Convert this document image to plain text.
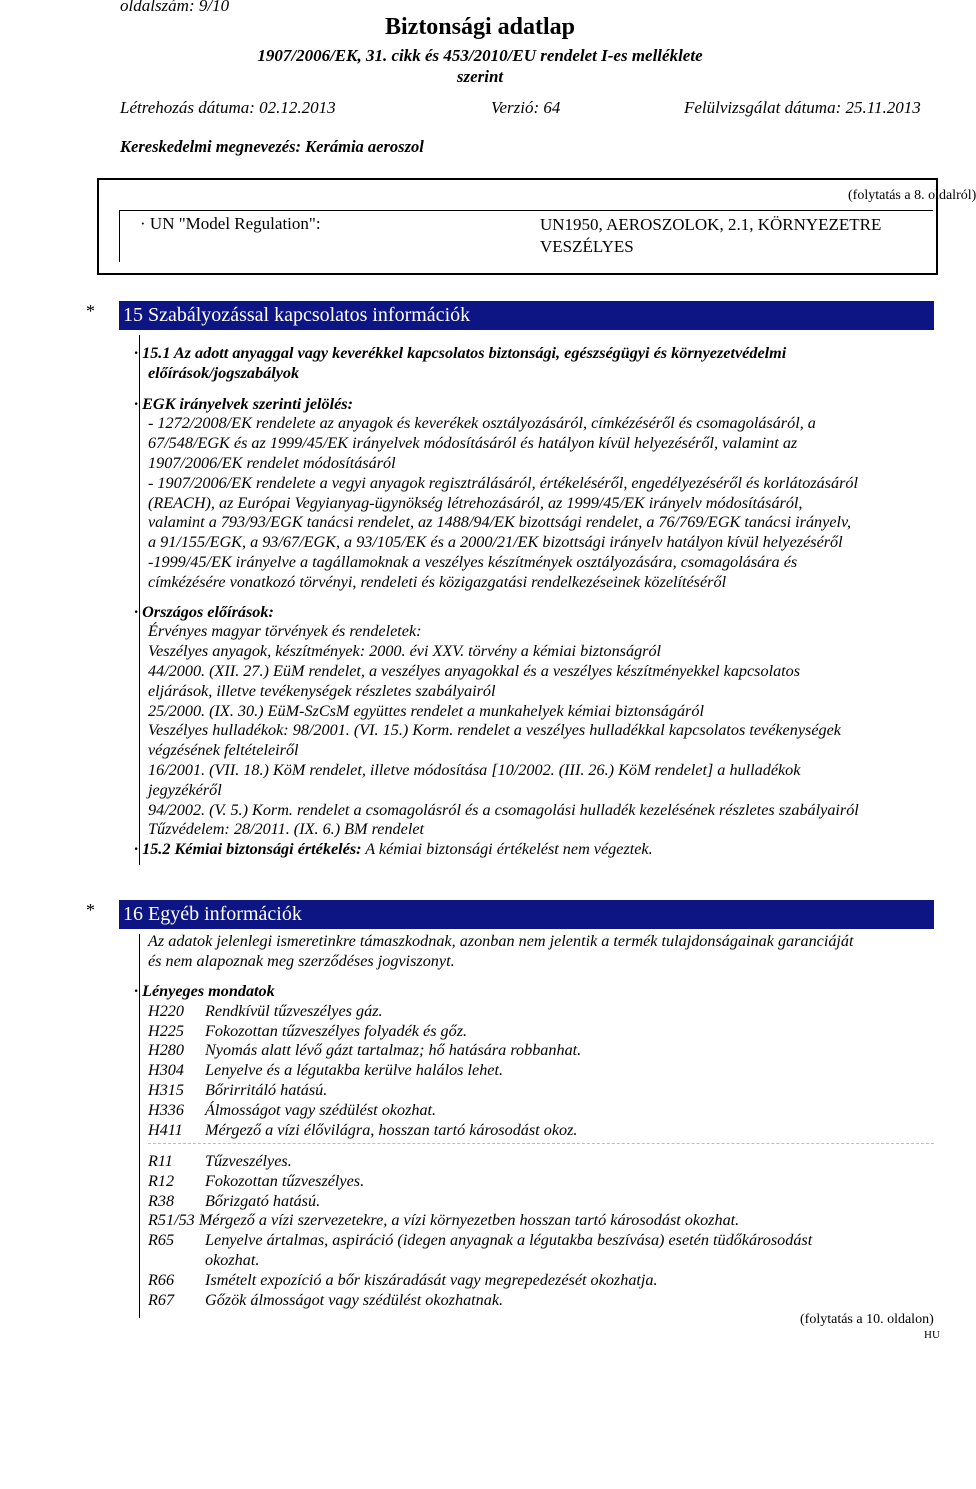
oldalszám: 9/10
Biztonsági adatlap
1907/2006/EK, 31. cikk és 453/2010/EU rendelet I-es melléklete
szerint
Létrehozás dátuma: 02.12.2013	Verzió: 64	Felülvizsgálat dátuma: 25.11.2013
Kereskedelmi megnevezés: Kerámia aeroszol
(folytatás a 8. oldalról)
· UN "Model Regulation":	UN1950, AEROSZOLOK, 2.1, KÖRNYEZETRE VESZÉLYES
* 15 Szabályozással kapcsolatos információk
· 15.1 Az adott anyaggal vagy keverékkel kapcsolatos biztonsági, egészségügyi és környezetvédelmi
előírások/jogszabályok
· EGK irányelvek szerinti jelölés:
- 1272/2008/EK rendelete az anyagok és keverékek osztályozásáról, címkézéséről és csomagolásáról, a
67/548/EGK és az 1999/45/EK irányelvek módosításáról és hatályon kívül helyezéséről, valamint az
1907/2006/EK rendelet módosításáról
- 1907/2006/EK rendelete a vegyi anyagok regisztrálásáról, értékeléséről, engedélyezéséről és korlátozásáról
(REACH), az Európai Vegyianyag-ügynökség létrehozásáról, az 1999/45/EK irányelv módosításáról,
valamint a 793/93/EGK tanácsi rendelet, az 1488/94/EK bizottsági rendelet, a 76/769/EGK tanácsi irányelv,
a 91/155/EGK, a 93/67/EGK, a 93/105/EK és a 2000/21/EK bizottsági irányelv hatályon kívül helyezéséről
-1999/45/EK irányelve a tagállamoknak a veszélyes készítmények osztályozására, csomagolására és
címkézésére vonatkozó törvényi, rendeleti és közigazgatási rendelkezéseinek közelítéséről
· Országos előírások:
Érvényes magyar törvények és rendeletek:
Veszélyes anyagok, készítmények: 2000. évi XXV. törvény a kémiai biztonságról
44/2000. (XII. 27.) EüM rendelet, a veszélyes anyagokkal és a veszélyes készítményekkel kapcsolatos
eljárások, illetve tevékenységek részletes szabályairól
25/2000. (IX. 30.) EüM-SzCsM együttes rendelet a munkahelyek kémiai biztonságáról
Veszélyes hulladékok: 98/2001. (VI. 15.) Korm. rendelet a veszélyes hulladékkal kapcsolatos tevékenységek
végzésének feltételeiről
16/2001. (VII. 18.) KöM rendelet, illetve módosítása [10/2002. (III. 26.) KöM rendelet] a hulladékok
jegyzékéről
94/2002. (V. 5.) Korm. rendelet a csomagolásról és a csomagolási hulladék kezelésének részletes szabályairól
Tűzvédelem: 28/2011. (IX. 6.) BM rendelet
· 15.2 Kémiai biztonsági értékelés: A kémiai biztonsági értékelést nem végeztek.
* 16 Egyéb információk
Az adatok jelenlegi ismeretinkre támaszkodnak, azonban nem jelentik a termék tulajdonságainak garanciáját
és nem alapoznak meg szerződéses jogviszonyt.
· Lényeges mondatok
H220 Rendkívül tűzveszélyes gáz.
H225 Fokozottan tűzveszélyes folyadék és gőz.
H280 Nyomás alatt lévő gázt tartalmaz; hő hatására robbanhat.
H304 Lenyelve és a légutakba kerülve halálos lehet.
H315 Bőrirritáló hatású.
H336 Álmosságot vagy szédülést okozhat.
H411 Mérgező a vízi élővilágra, hosszan tartó károsodást okoz.
R11 Tűzveszélyes.
R12 Fokozottan tűzveszélyes.
R38 Bőrizgató hatású.
R51/53 Mérgező a vízi szervezetekre, a vízi környezetben hosszan tartó károsodást okozhat.
R65 Lenyelve ártalmas, aspiráció (idegen anyagnak a légutakba beszívása) esetén tüdőkárosodást
okozhat.
R66 Ismételt expozíció a bőr kiszáradását vagy megrepedezését okozhatja.
R67 Gőzök álmosságot vagy szédülést okozhatnak.
(folytatás a 10. oldalon)
HU
